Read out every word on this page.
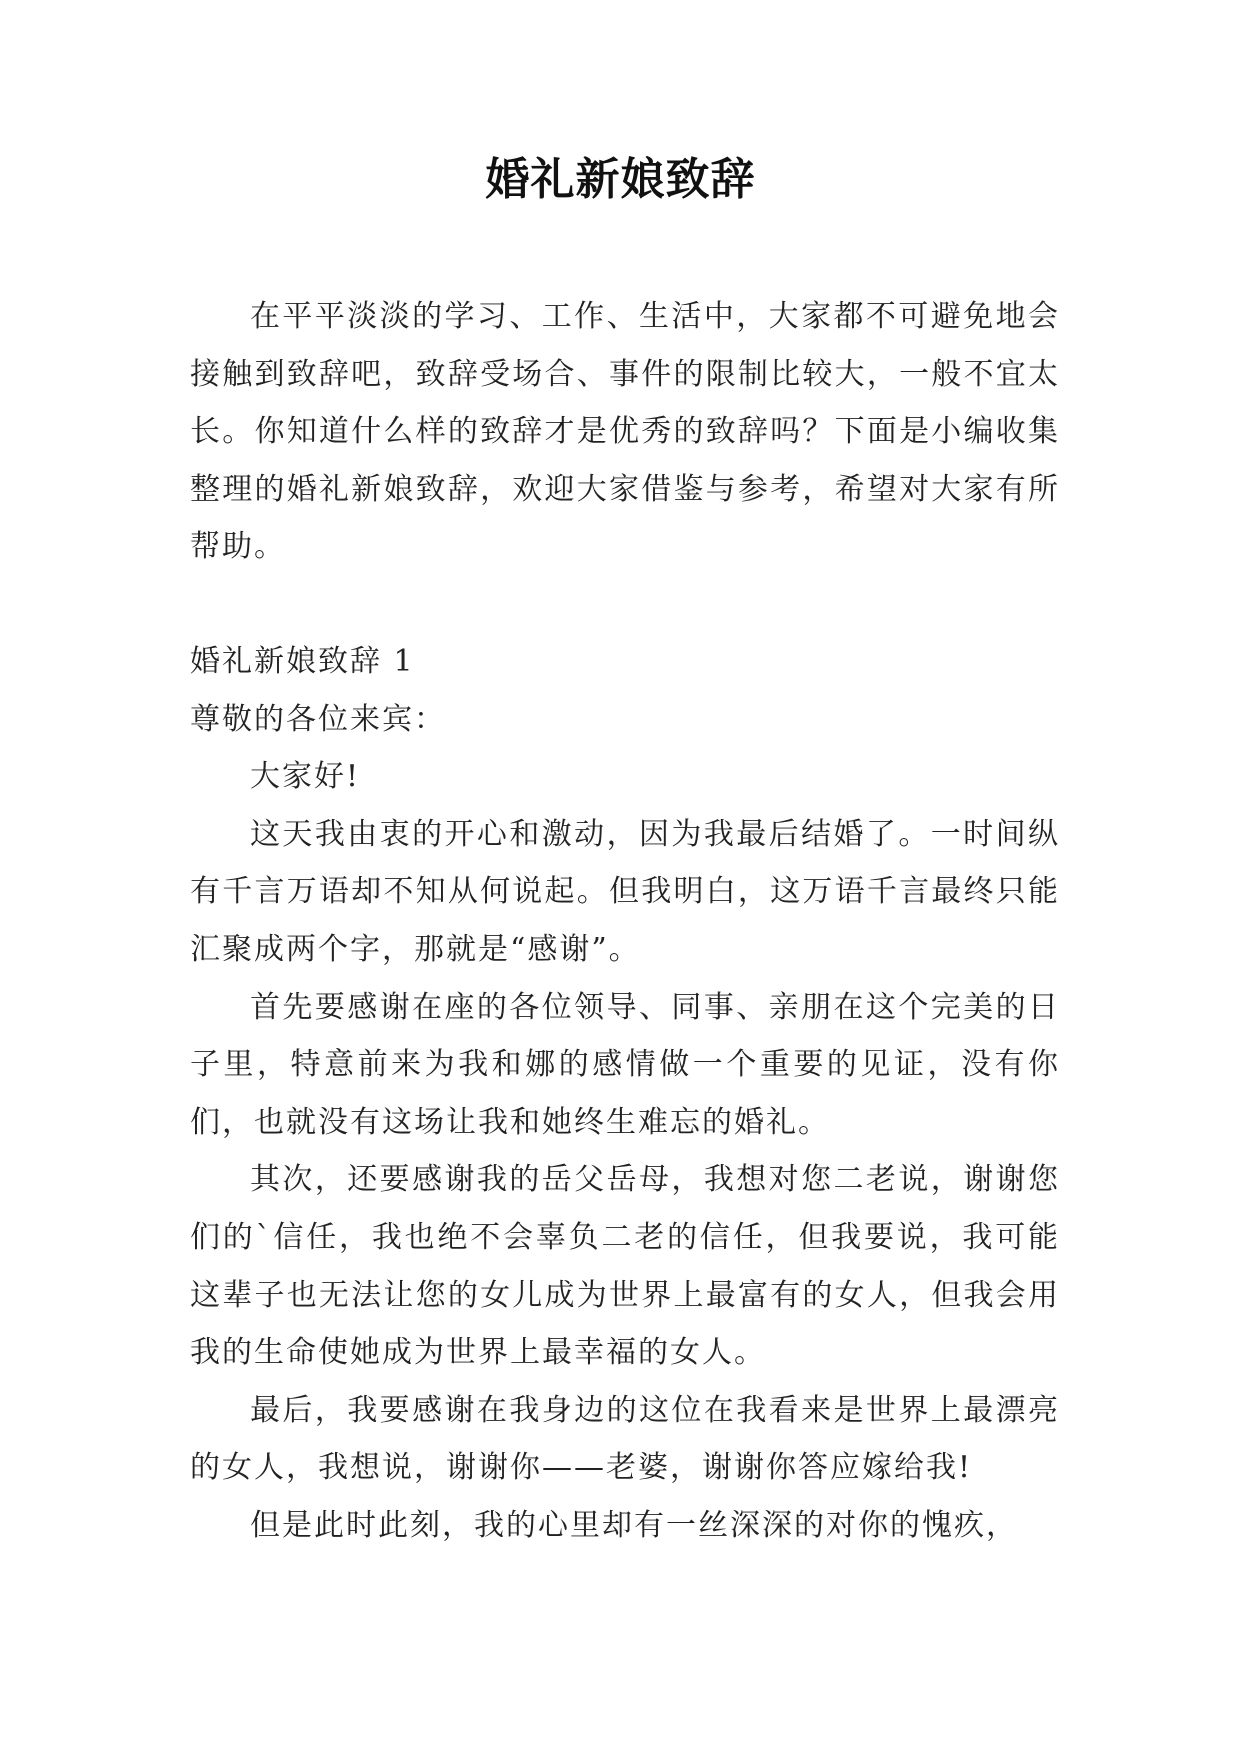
婚礼新娘致辞

在平平淡淡的学习、工作、生活中，大家都不可避免地会接触到致辞吧，致辞受场合、事件的限制比较大，一般不宜太长。你知道什么样的致辞才是优秀的致辞吗？下面是小编收集整理的婚礼新娘致辞，欢迎大家借鉴与参考，希望对大家有所帮助。

婚礼新娘致辞 1

尊敬的各位来宾：

大家好!

这天我由衷的开心和激动，因为我最后结婚了。一时间纵有千言万语却不知从何说起。但我明白，这万语千言最终只能汇聚成两个字，那就是“感谢”。

首先要感谢在座的各位领导、同事、亲朋在这个完美的日子里，特意前来为我和娜的感情做一个重要的见证，没有你们，也就没有这场让我和她终生难忘的婚礼。

其次，还要感谢我的岳父岳母，我想对您二老说，谢谢您们的`信任，我也绝不会辜负二老的信任，但我要说，我可能这辈子也无法让您的女儿成为世界上最富有的女人，但我会用我的生命使她成为世界上最幸福的女人。

最后，我要感谢在我身边的这位在我看来是世界上最漂亮的女人，我想说，谢谢你——老婆，谢谢你答应嫁给我!

但是此时此刻，我的心里却有一丝深深的对你的愧疚，
